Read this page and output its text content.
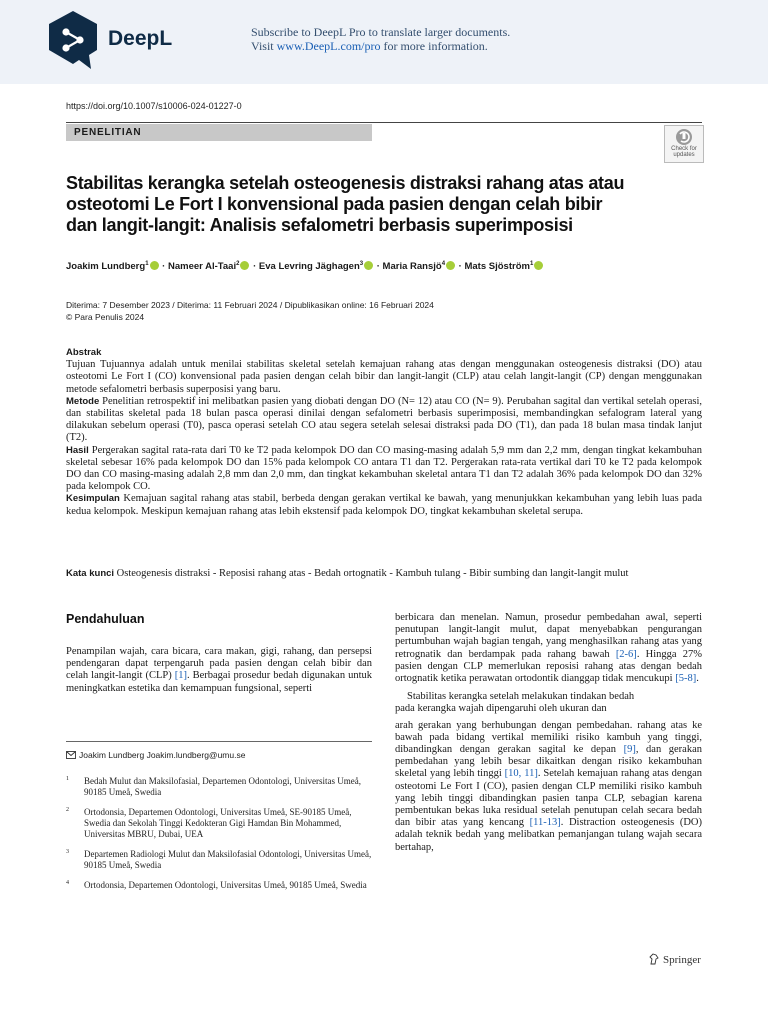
DeepL	Subscribe to DeepL Pro to translate larger documents.
Visit www.DeepL.com/pro for more information.
https://doi.org/10.1007/s10006-024-01227-0
PENELITIAN
Check for
updates
Stabilitas kerangka setelah osteogenesis distraksi rahang atas atau osteotomi Le Fort I konvensional pada pasien dengan celah bibir dan langit-langit: Analisis sefalometri berbasis superimposisi
Joakim Lundberg$^1$ · Nameer Al-Taai$^2$ · Eva Levring Jäghagen$^3$ · Maria Ransjö$^4$ · Mats Sjöström$^1$
Diterima: 7 Desember 2023 / Diterima: 11 Februari 2024 / Dipublikasikan online: 16 Februari 2024
© Para Penulis 2024

Abstrak

Tujuan Tujuannya adalah untuk menilai stabilitas skeletal setelah kemajuan rahang atas dengan menggunakan osteogenesis distraksi (DO) atau osteotomi Le Fort I (CO) konvensional pada pasien dengan celah bibir dan langit-langit (CLP) atau celah langit-langit (CP) dengan menggunakan metode sefalometri berbasis superposisi yang baru.

Metode Penelitian retrospektif ini melibatkan pasien yang diobati dengan DO (N= 12) atau CO (N= 9). Perubahan sagital dan vertikal setelah operasi, dan stabilitas skeletal pada 18 bulan pasca operasi dinilai dengan sefalometri berbasis superimposisi, membandingkan sefalogram lateral yang dilakukan sebelum operasi (T0), pasca operasi setelah CO atau segera setelah selesai distraksi pada DO (T1), dan pada 18 bulan masa tindak lanjut (T2).

Hasil Pergerakan sagital rata-rata dari T0 ke T2 pada kelompok DO dan CO masing-masing adalah 5,9 mm dan 2,2 mm, dengan tingkat kekambuhan skeletal sebesar 16% pada kelompok DO dan 15% pada kelompok CO antara T1 dan T2. Pergerakan rata-rata vertikal dari T0 ke T2 pada kelompok DO dan CO masing-masing adalah 2,8 mm dan 2,0 mm, dan tingkat kekambuhan skeletal antara T1 dan T2 adalah 36% pada kelompok DO dan 32% pada kelompok CO.

Kesimpulan Kemajuan sagital rahang atas stabil, berbeda dengan gerakan vertikal ke bawah, yang menunjukkan kekambuhan yang lebih luas pada kedua kelompok. Meskipun kemajuan rahang atas lebih ekstensif pada kelompok DO, tingkat kekambuhan skeletal serupa.

Kata kunci Osteogenesis distraksi - Reposisi rahang atas - Bedah ortognatik - Kambuh tulang - Bibir sumbing dan langit-langit mulut
Pendahuluan

Penampilan wajah, cara bicara, cara makan, gigi, rahang, dan persepsi pendengaran dapat terpengaruh pada pasien dengan celah bibir dan celah langit-langit (CLP) [1]. Berbagai prosedur bedah digunakan untuk meningkatkan estetika dan kemampuan fungsional, seperti

Joakim Lundberg Joakim.lundberg@umu.se
1 Bedah Mulut dan Maksilofasial, Departemen Odontologi, Universitas Umeå, 90185 Umeå, Swedia
2 Ortodonsia, Departemen Odontologi, Universitas Umeå, SE-90185 Umeå, Swedia dan Sekolah Tinggi Kedokteran Gigi Hamdan Bin Mohammed, Universitas MBRU, Dubai, UEA
3 Departemen Radiologi Mulut dan Maksilofasial Odontologi, Universitas Umeå, 90185 Umeå, Swedia
4 Ortodonsia, Departemen Odontologi, Universitas Umeå, 90185 Umeå, Swedia

berbicara dan menelan. Namun, prosedur pembedahan awal, seperti penutupan langit-langit mulut, dapat menyebabkan pengurangan pertumbuhan wajah bagian tengah, yang menghasilkan rahang atas yang retrognatik dan berdampak pada rahang bawah [2-6]. Hingga 27% pasien dengan CLP memerlukan reposisi rahang atas dengan bedah ortognatik ketika perawatan ortodontik dianggap tidak mencukupi [5-8].

Stabilitas kerangka setelah melakukan tindakan bedah

pada kerangka wajah dipengaruhi oleh ukuran dan

arah gerakan yang berhubungan dengan pembedahan. rahang atas ke bawah pada bidang vertikal memiliki risiko kambuh yang tinggi, dibandingkan dengan gerakan sagital ke depan [9], dan gerakan pembedahan yang lebih besar dikaitkan dengan risiko kekambuhan skeletal yang lebih tinggi [10, 11]. Setelah kemajuan rahang atas dengan osteotomi Le Fort I (CO), pasien dengan CLP memiliki risiko kambuh yang lebih tinggi dibandingkan pasien tanpa CLP, sebagian karena pembentukan bekas luka residual setelah penutupan celah secara bedah dan bibir atas yang kencang [11-13]. Distraction osteogenesis (DO) adalah teknik bedah yang melibatkan pemanjangan tulang wajah secara bertahap,

Springer
